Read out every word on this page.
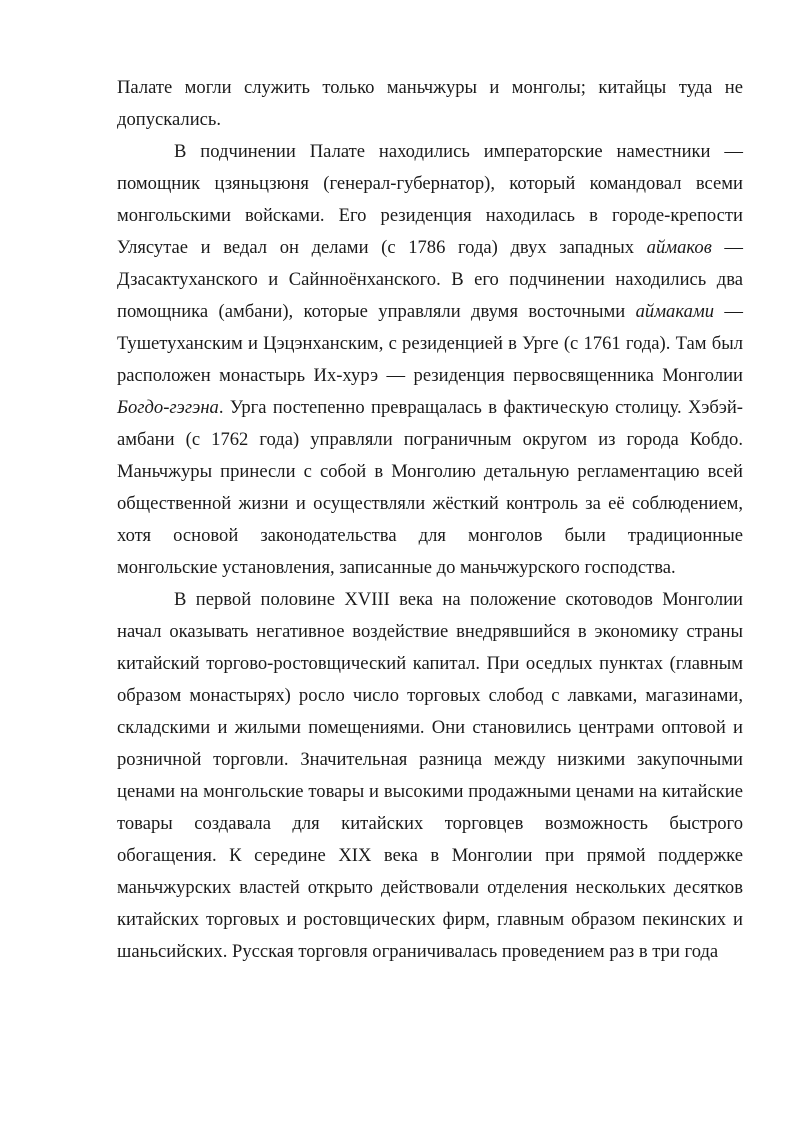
Палате могли служить только маньчжуры и монголы; китайцы туда не допускались.

В подчинении Палате находились императорские наместники — помощник цзяньцзюня (генерал-губернатор), который командовал всеми монгольскими войсками. Его резиденция находилась в городе-крепости Улясутае и ведал он делами (с 1786 года) двух западных аймаков — Дзасактуханского и Сайнноёнханского. В его подчинении находились два помощника (амбани), которые управляли двумя восточными аймаками — Тушетуханским и Цэцэнханским, с резиденцией в Урге (с 1761 года). Там был расположен монастырь Их-хурэ — резиденция первосвященника Монголии Богдо-гэгэна. Урга постепенно превращалась в фактическую столицу. Хэбэй-амбани (с 1762 года) управляли пограничным округом из города Кобдо. Маньчжуры принесли с собой в Монголию детальную регламентацию всей общественной жизни и осуществляли жёсткий контроль за её соблюдением, хотя основой законодательства для монголов были традиционные монгольские установления, записанные до маньчжурского господства.

В первой половине XVIII века на положение скотоводов Монголии начал оказывать негативное воздействие внедрявшийся в экономику страны китайский торгово-ростовщический капитал. При оседлых пунктах (главным образом монастырях) росло число торговых слобод с лавками, магазинами, складскими и жилыми помещениями. Они становились центрами оптовой и розничной торговли. Значительная разница между низкими закупочными ценами на монгольские товары и высокими продажными ценами на китайские товары создавала для китайских торговцев возможность быстрого обогащения. К середине XIX века в Монголии при прямой поддержке маньчжурских властей открыто действовали отделения нескольких десятков китайских торговых и ростовщических фирм, главным образом пекинских и шаньсийских. Русская торговля ограничивалась проведением раз в три года
